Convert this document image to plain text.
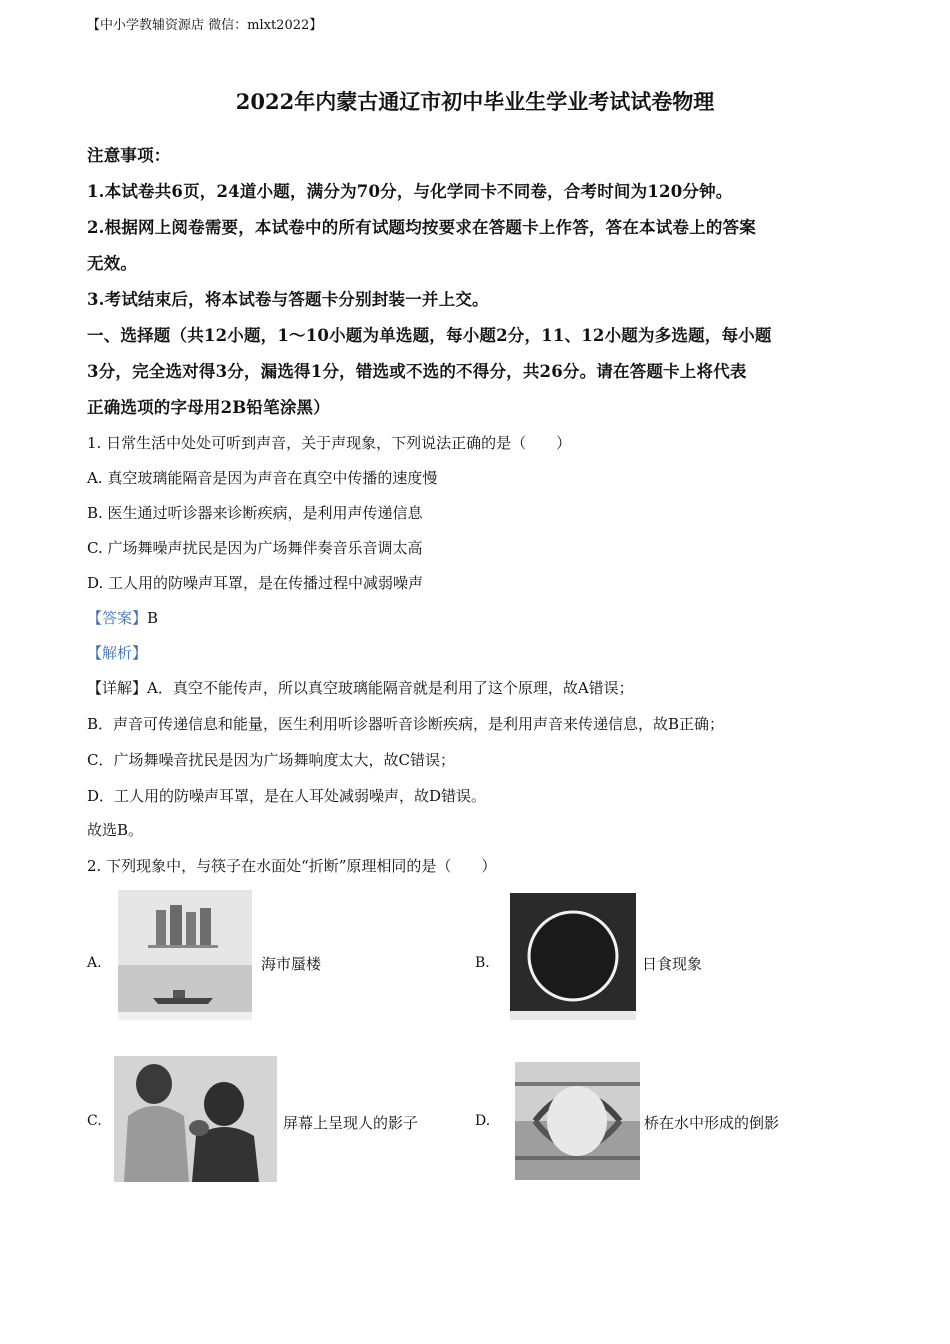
【中小学教辅资源店 微信：mlxt2022】
2022年内蒙古通辽市初中毕业生学业考试试卷物理
注意事项：
1.本试卷共6页，24道小题，满分为70分，与化学同卡不同卷，合考时间为120分钟。
2.根据网上阅卷需要，本试卷中的所有试题均按要求在答题卡上作答，答在本试卷上的答案
无效。
3.考试结束后，将本试卷与答题卡分别封装一并上交。
一、选择题（共12小题，1～10小题为单选题，每小题2分，11、12小题为多选题，每小题
3分，完全选对得3分，漏选得1分，错选或不选的不得分，共26分。请在答题卡上将代表
正确选项的字母用2B铅笔涂黑）
1. 日常生活中处处可听到声音，关于声现象，下列说法正确的是（　　）
A. 真空玻璃能隔音是因为声音在真空中传播的速度慢
B. 医生通过听诊器来诊断疾病，是利用声传递信息
C. 广场舞噪声扰民是因为广场舞伴奏音乐音调太高
D. 工人用的防噪声耳罩，是在传播过程中减弱噪声
【答案】B
【解析】
【详解】A．真空不能传声，所以真空玻璃能隔音就是利用了这个原理，故A错误；
B．声音可传递信息和能量，医生利用听诊器听音诊断疾病，是利用声音来传递信息，故B正确；
C．广场舞噪音扰民是因为广场舞响度太大，故C错误；
D．工人用的防噪声耳罩，是在人耳处减弱噪声，故D错误。
故选B。
2. 下列现象中，与筷子在水面处“折断”原理相同的是（　　）
A.	海市蜃楼	B.	日食现象
C.	屏幕上呈现人的影子	D.	桥在水中形成的倒影
